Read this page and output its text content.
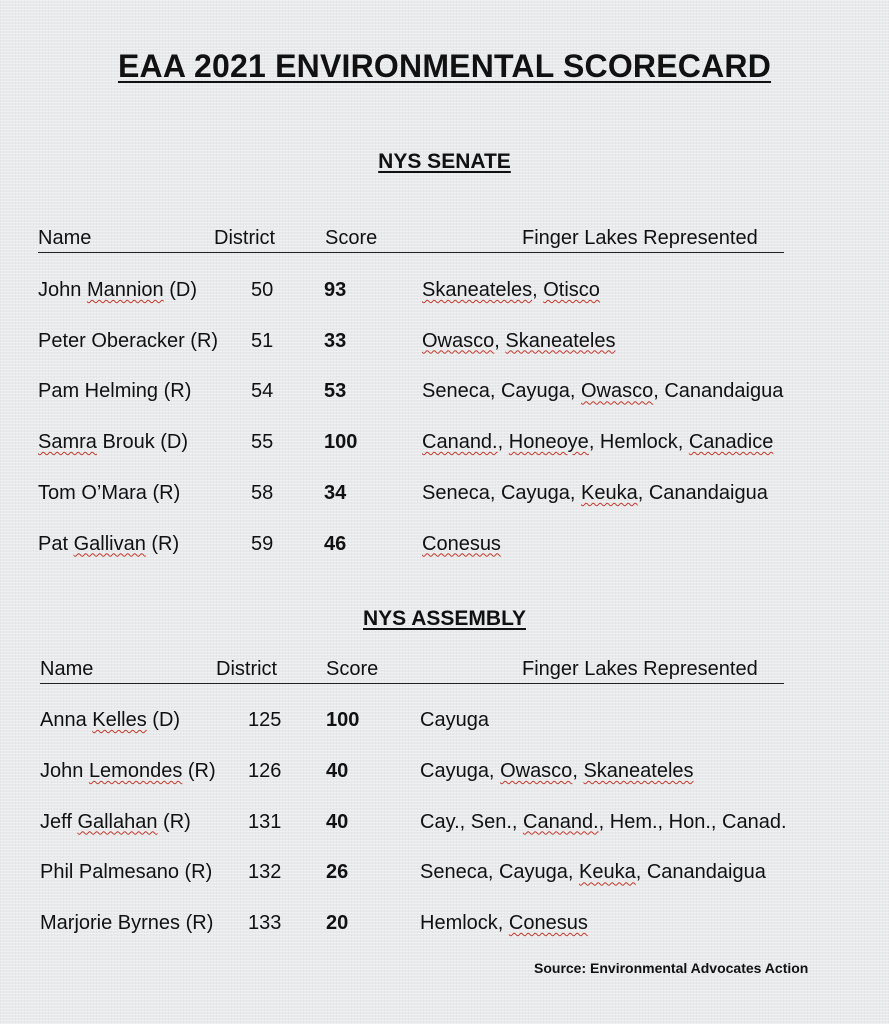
EAA 2021 ENVIRONMENTAL SCORECARD
NYS SENATE
Name	District Score	Finger Lakes Represented
John Mannion (D)	50	93	Skaneateles, Otisco
Peter Oberacker (R) 51	33	Owasco, Skaneateles
Pam Helming (R)	54	53	Seneca, Cayuga, Owasco, Canandaigua
Samra Brouk (D)	55	100	Canand., Honeoye, Hemlock, Canadice
Tom O’Mara (R)	58	34	Seneca, Cayuga, Keuka, Canandaigua
Pat Gallivan (R)	59	46	Conesus
NYS ASSEMBLY
Name	District Score	Finger Lakes Represented
Anna Kelles (D)	125 100	Cayuga
John Lemondes (R) 126 40	Cayuga, Owasco, Skaneateles
Jeff Gallahan (R)	131 40	Cay., Sen., Canand., Hem., Hon., Canad.
Phil Palmesano (R) 132 26	Seneca, Cayuga, Keuka, Canandaigua
Marjorie Byrnes (R) 133 20	Hemlock, Conesus
Source: Environmental Advocates Action
